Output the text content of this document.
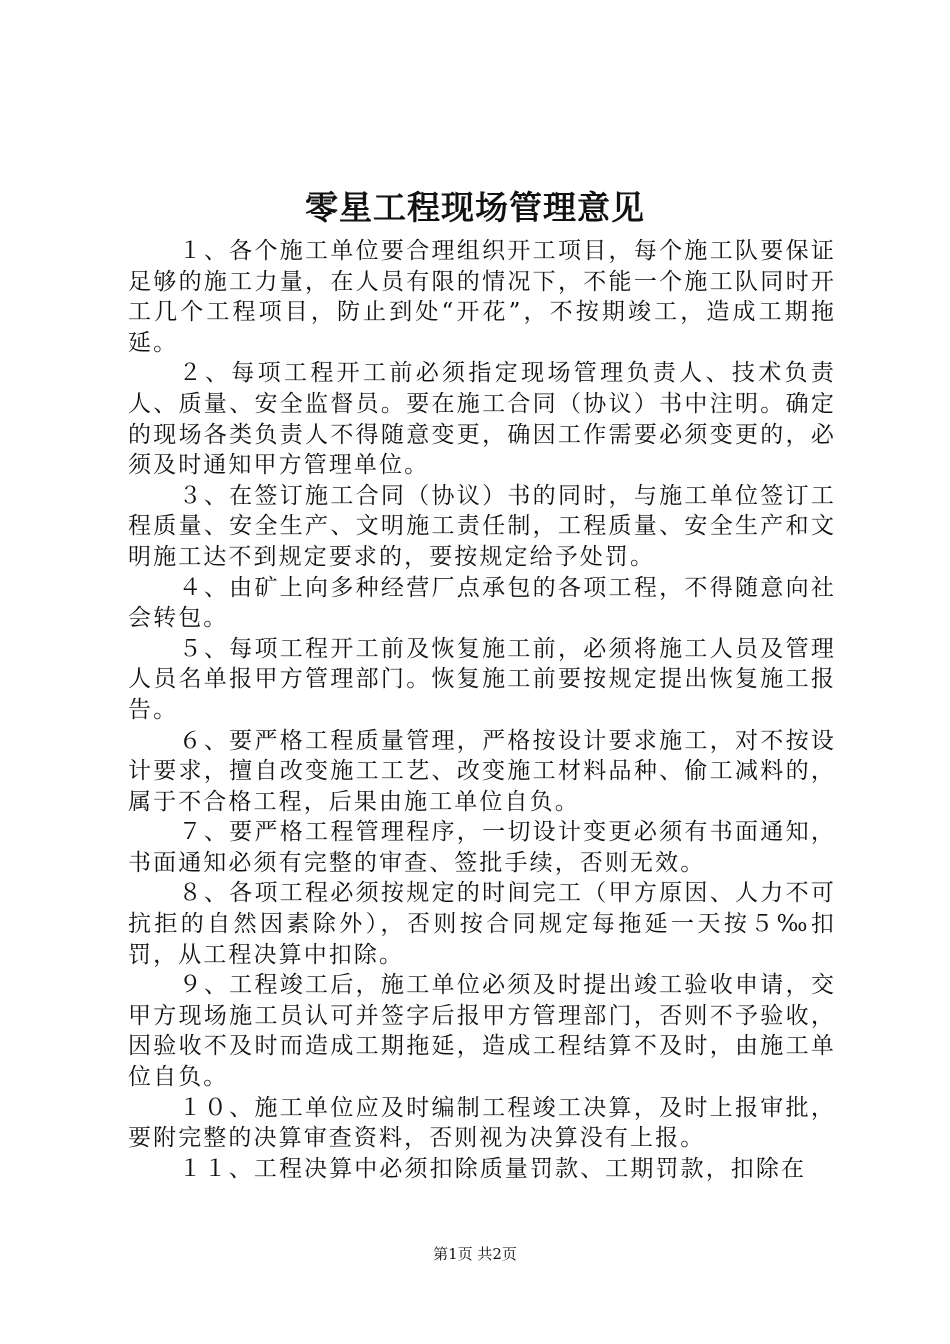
零星工程现场管理意见

１、各个施工单位要合理组织开工项目，每个施工队要保证足够的施工力量，在人员有限的情况下，不能一个施工队同时开工几个工程项目，防止到处“开花”，不按期竣工，造成工期拖延。

２、每项工程开工前必须指定现场管理负责人、技术负责人、质量、安全监督员。要在施工合同（协议）书中注明。确定的现场各类负责人不得随意变更，确因工作需要必须变更的，必须及时通知甲方管理单位。

３、在签订施工合同（协议）书的同时，与施工单位签订工程质量、安全生产、文明施工责任制，工程质量、安全生产和文明施工达不到规定要求的，要按规定给予处罚。

４、由矿上向多种经营厂点承包的各项工程，不得随意向社会转包。

５、每项工程开工前及恢复施工前，必须将施工人员及管理人员名单报甲方管理部门。恢复施工前要按规定提出恢复施工报告。

６、要严格工程质量管理，严格按设计要求施工，对不按设计要求，擅自改变施工工艺、改变施工材料品种、偷工减料的，属于不合格工程，后果由施工单位自负。

７、要严格工程管理程序，一切设计变更必须有书面通知，书面通知必须有完整的审查、签批手续，否则无效。

８、各项工程必须按规定的时间完工（甲方原因、人力不可抗拒的自然因素除外），否则按合同规定每拖延一天按５‰扣罚，从工程决算中扣除。

９、工程竣工后，施工单位必须及时提出竣工验收申请，交甲方现场施工员认可并签字后报甲方管理部门，否则不予验收，因验收不及时而造成工期拖延，造成工程结算不及时，由施工单位自负。

１０、施工单位应及时编制工程竣工决算，及时上报审批，要附完整的决算审查资料，否则视为决算没有上报。

１１、工程决算中必须扣除质量罚款、工期罚款，扣除在

第1页 共2页
